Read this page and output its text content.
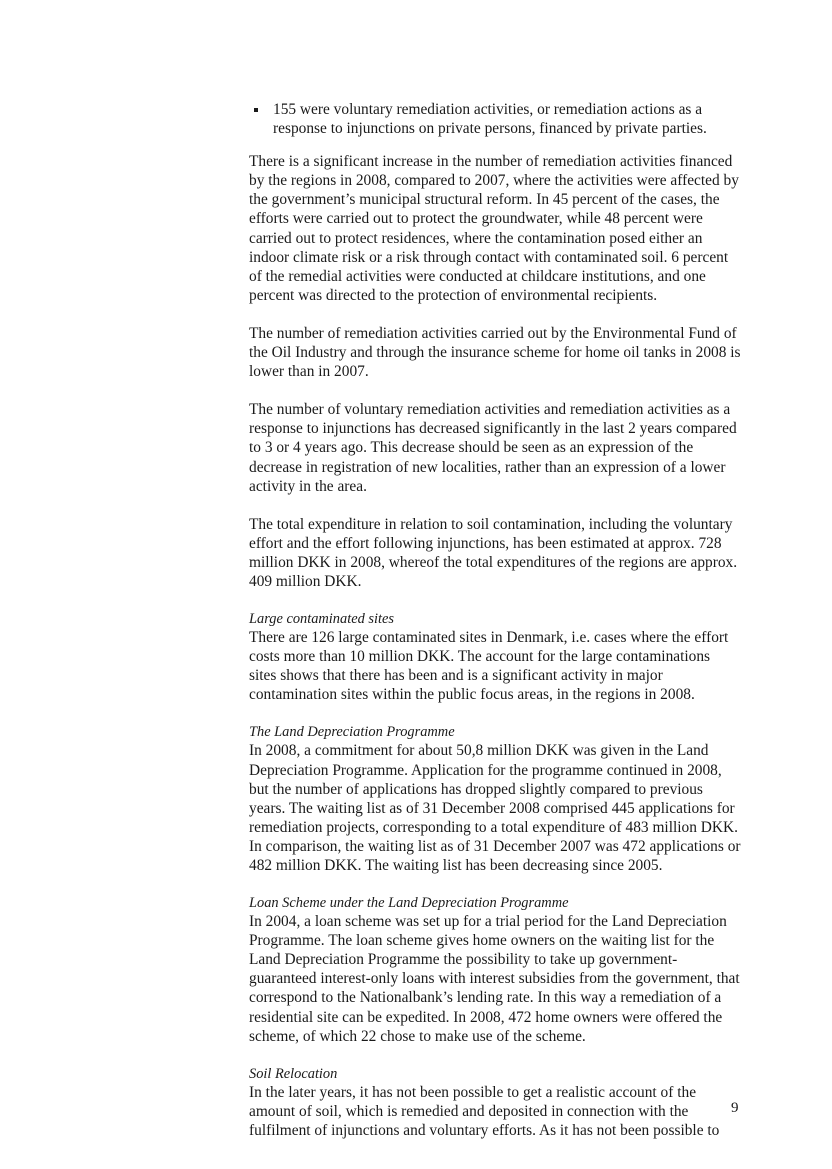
155 were voluntary remediation activities, or remediation actions as a response to injunctions on private persons, financed by private parties.

There is a significant increase in the number of remediation activities financed by the regions in 2008, compared to 2007, where the activities were affected by the government’s municipal structural reform. In 45 percent of the cases, the efforts were carried out to protect the groundwater, while 48 percent were carried out to protect residences, where the contamination posed either an indoor climate risk or a risk through contact with contaminated soil. 6 percent of the remedial activities were conducted at childcare institutions, and one percent was directed to the protection of environmental recipients.

The number of remediation activities carried out by the Environmental Fund of the Oil Industry and through the insurance scheme for home oil tanks in 2008 is lower than in 2007.

The number of voluntary remediation activities and remediation activities as a response to injunctions has decreased significantly in the last 2 years compared to 3 or 4 years ago. This decrease should be seen as an expression of the decrease in registration of new localities, rather than an expression of a lower activity in the area.

The total expenditure in relation to soil contamination, including the voluntary effort and the effort following injunctions, has been estimated at approx. 728 million DKK in 2008, whereof the total expenditures of the regions are approx. 409 million DKK.

Large contaminated sites
There are 126 large contaminated sites in Denmark, i.e. cases where the effort costs more than 10 million DKK. The account for the large contaminations sites shows that there has been and is a significant activity in major contamination sites within the public focus areas, in the regions in 2008.
The Land Depreciation Programme
In 2008, a commitment for about 50,8 million DKK was given in the Land Depreciation Programme. Application for the programme continued in 2008, but the number of applications has dropped slightly compared to previous years. The waiting list as of 31 December 2008 comprised 445 applications for remediation projects, corresponding to a total expenditure of 483 million DKK. In comparison, the waiting list as of 31 December 2007 was 472 applications or 482 million DKK. The waiting list has been decreasing since 2005.
Loan Scheme under the Land Depreciation Programme
In 2004, a loan scheme was set up for a trial period for the Land Depreciation Programme. The loan scheme gives home owners on the waiting list for the Land Depreciation Programme the possibility to take up government-guaranteed interest-only loans with interest subsidies from the government, that correspond to the Nationalbank’s lending rate. In this way a remediation of a residential site can be expedited. In 2008, 472 home owners were offered the scheme, of which 22 chose to make use of the scheme.
Soil Relocation
In the later years, it has not been possible to get a realistic account of the amount of soil, which is remedied and deposited in connection with the fulfilment of injunctions and voluntary efforts. As it has not been possible to
9
